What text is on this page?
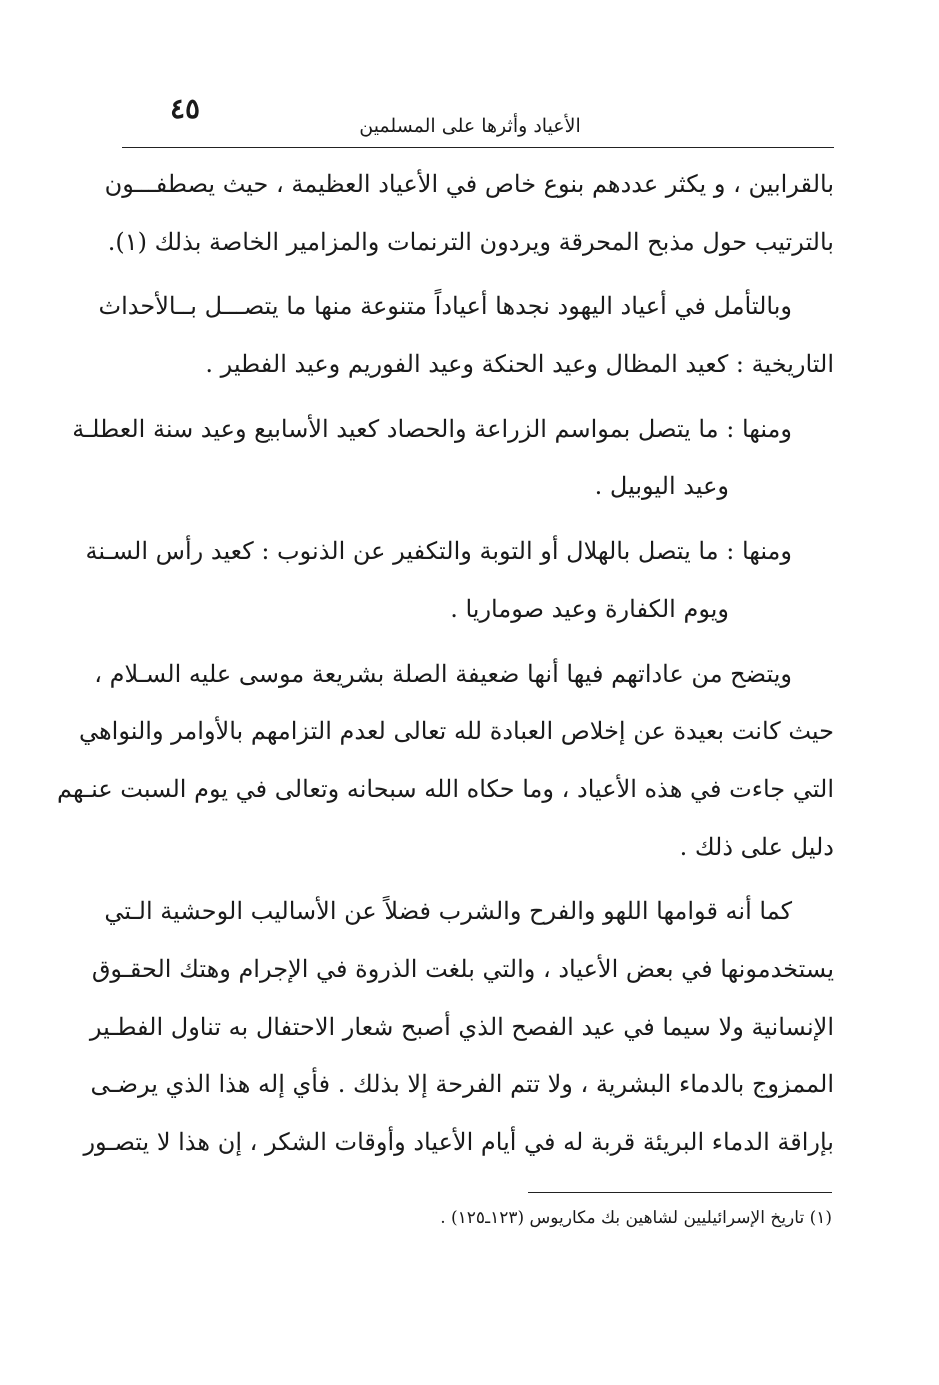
٤٥
الأعياد وأثرها على المسلمين
بالقرابين ، و يكثر عددهم بنوع خاص في الأعياد العظيمة ، حيث يصطفـــون
بالترتيب حول مذبح المحرقة ويردون الترنمات والمزامير الخاصة بذلك (١).
وبالتأمل في أعياد اليهود نجدها أعياداً متنوعة منها ما يتصـــل بــالأحداث
التاريخية : كعيد المظال وعيد الحنكة وعيد الفوريم وعيد الفطير .
ومنها : ما يتصل بمواسم الزراعة والحصاد كعيد الأسابيع وعيد سنة العطلـة
وعيد اليوبيل .
ومنها : ما يتصل بالهلال أو التوبة والتكفير عن الذنوب : كعيد رأس السـنة
ويوم الكفارة وعيد صوماريا .
ويتضح من عاداتهم فيها أنها ضعيفة الصلة بشريعة موسى عليه السـلام ،
حيث كانت بعيدة عن إخلاص العبادة لله تعالى لعدم التزامهم بالأوامر والنواهي
التي جاءت في هذه الأعياد ، وما حكاه الله سبحانه وتعالى في يوم السبت عنـهم
دليل على ذلك .
كما أنه قوامها اللهو والفرح والشرب فضلاً عن الأساليب الوحشية الـتي
يستخدمونها في بعض الأعياد ، والتي بلغت الذروة في الإجرام وهتك الحقـوق
الإنسانية ولا سيما في عيد الفصح الذي أصبح شعار الاحتفال به تناول الفطـير
الممزوج بالدماء البشرية ، ولا تتم الفرحة إلا بذلك . فأي إله هذا الذي يرضـى
بإراقة الدماء البريئة قربة له في أيام الأعياد وأوقات الشكر ، إن هذا لا يتصـور
(١) تاريخ الإسرائيليين لشاهين بك مكاريوس (١٢٣ـ١٢٥) .
